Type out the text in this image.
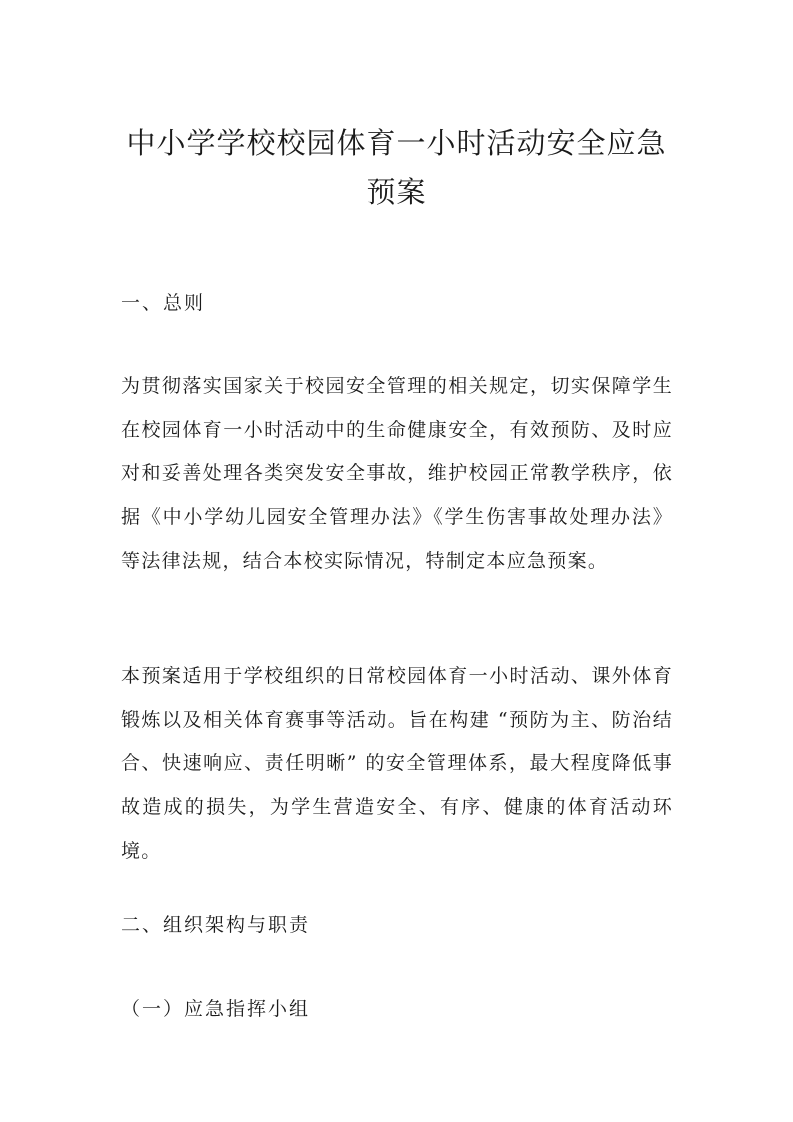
中小学学校校园体育一小时活动安全应急
预案
一、总则

为贯彻落实国家关于校园安全管理的相关规定，切实保障学生在校园体育一小时活动中的生命健康安全，有效预防、及时应对和妥善处理各类突发安全事故，维护校园正常教学秩序，依据《中小学幼儿园安全管理办法》《学生伤害事故处理办法》等法律法规，结合本校实际情况，特制定本应急预案。

本预案适用于学校组织的日常校园体育一小时活动、课外体育锻炼以及相关体育赛事等活动。旨在构建 “预防为主、防治结合、快速响应、责任明晰” 的安全管理体系，最大程度降低事故造成的损失，为学生营造安全、有序、健康的体育活动环境。

二、组织架构与职责
（一）应急指挥小组
